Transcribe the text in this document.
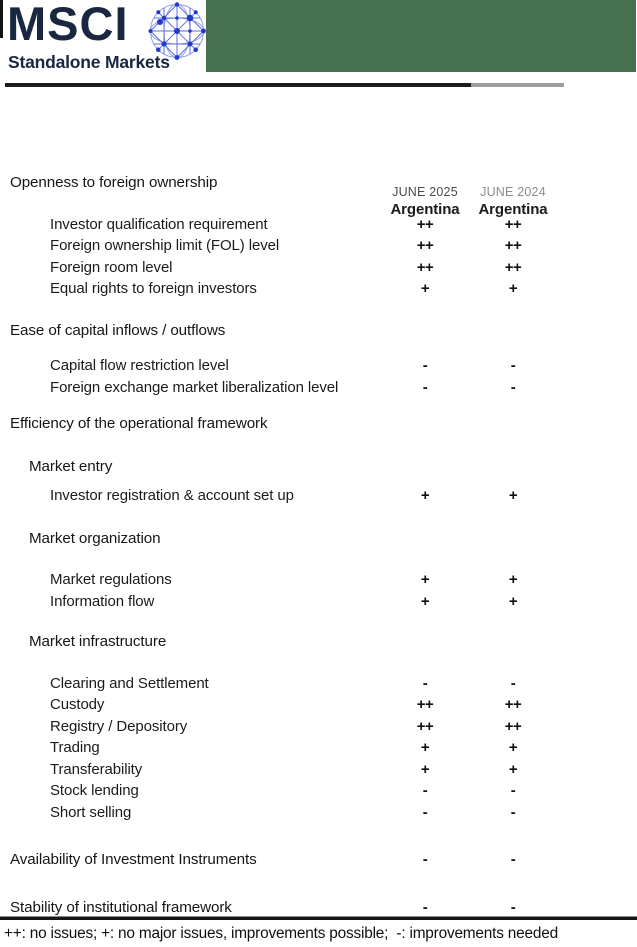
MSCI
Standalone Markets
JUNE 2025
Argentina
JUNE 2024
Argentina
Openness to foreign ownership
Investor qualification requirement	++	++
Foreign ownership limit (FOL) level	++	++
Foreign room level	++	++
Equal rights to foreign investors	+	+
Ease of capital inflows / outflows
Capital flow restriction level	-	-
Foreign exchange market liberalization level	-	-
Efficiency of the operational framework
Market entry
Investor registration & account set up	+	+
Market organization
Market regulations	+	+
Information flow	+	+
Market infrastructure
Clearing and Settlement	-	-
Custody	++	++
Registry / Depository	++	++
Trading	+	+
Transferability	+	+
Stock lending	-	-
Short selling	-	-
Availability of Investment Instruments	-	-
Stability of institutional framework	-	-
++: no issues; +: no major issues, improvements possible;  -: improvements needed
